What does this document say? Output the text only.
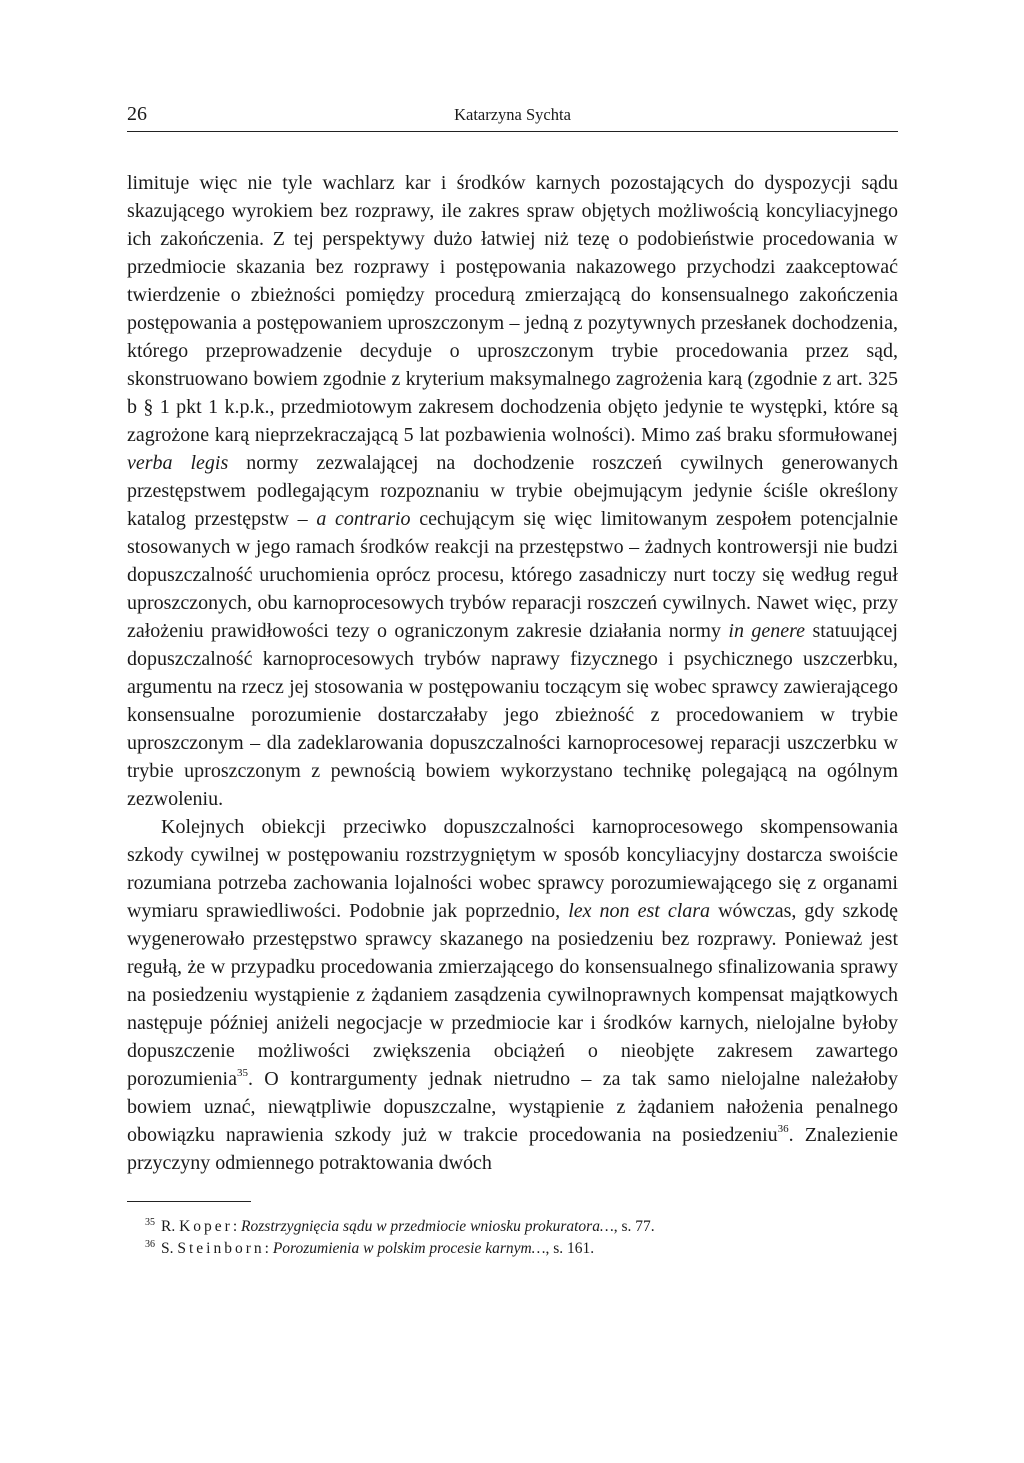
26	Katarzyna Sychta

limituje więc nie tyle wachlarz kar i środków karnych pozostających do dyspozycji sądu skazującego wyrokiem bez rozprawy, ile zakres spraw objętych możliwością koncyliacyjnego ich zakończenia. Z tej perspektywy dużo łatwiej niż tezę o podobieństwie procedowania w przedmiocie skazania bez rozprawy i postępowania nakazowego przychodzi zaakceptować twierdzenie o zbieżności pomiędzy procedurą zmierzającą do konsensualnego zakończenia postępowania a postępowaniem uproszczonym – jedną z pozytywnych przesłanek dochodzenia, którego przeprowadzenie decyduje o uproszczonym trybie procedowania przez sąd, skonstruowano bowiem zgodnie z kryterium maksymalnego zagrożenia karą (zgodnie z art. 325 b § 1 pkt 1 k.p.k., przedmiotowym zakresem dochodzenia objęto jedynie te występki, które są zagrożone karą nieprzekraczającą 5 lat pozbawienia wolności). Mimo zaś braku sformułowanej verba legis normy zezwalającej na dochodzenie roszczeń cywilnych generowanych przestępstwem podlegającym rozpoznaniu w trybie obejmującym jedynie ściśle określony katalog przestępstw – a contrario cechującym się więc limitowanym zespołem potencjalnie stosowanych w jego ramach środków reakcji na przestępstwo – żadnych kontrowersji nie budzi dopuszczalność uruchomienia oprócz procesu, którego zasadniczy nurt toczy się według reguł uproszczonych, obu karnoprocesowych trybów reparacji roszczeń cywilnych. Nawet więc, przy założeniu prawidłowości tezy o ograniczonym zakresie działania normy in genere statuującej dopuszczalność karnoprocesowych trybów naprawy fizycznego i psychicznego uszczerbku, argumentu na rzecz jej stosowania w postępowaniu toczącym się wobec sprawcy zawierającego konsensualne porozumienie dostarczałaby jego zbieżność z procedowaniem w trybie uproszczonym – dla zadeklarowania dopuszczalności karnoprocesowej reparacji uszczerbku w trybie uproszczonym z pewnością bowiem wykorzystano technikę polegającą na ogólnym zezwoleniu.

Kolejnych obiekcji przeciwko dopuszczalności karnoprocesowego skompensowania szkody cywilnej w postępowaniu rozstrzygniętym w sposób koncyliacyjny dostarcza swoiście rozumiana potrzeba zachowania lojalności wobec sprawcy porozumiewającego się z organami wymiaru sprawiedliwości. Podobnie jak poprzednio, lex non est clara wówczas, gdy szkodę wygenerowało przestępstwo sprawcy skazanego na posiedzeniu bez rozprawy. Ponieważ jest regułą, że w przypadku procedowania zmierzającego do konsensualnego sfinalizowania sprawy na posiedzeniu wystąpienie z żądaniem zasądzenia cywilnoprawnych kompensat majątkowych następuje później aniżeli negocjacje w przedmiocie kar i środków karnych, nielojalne byłoby dopuszczenie możliwości zwiększenia obciążeń o nieobjęte zakresem zawartego porozumienia$^{35}$. O kontrargumenty jednak nietrudno – za tak samo nielojalne należałoby bowiem uznać, niewątpliwie dopuszczalne, wystąpienie z żądaniem nałożenia penalnego obowiązku naprawienia szkody już w trakcie procedowania na posiedzeniu$^{36}$. Znalezienie przyczyny odmiennego potraktowania dwóch

$^{35}$ R. Koper: Rozstrzygnięcia sądu w przedmiocie wniosku prokuratora…, s. 77.

$^{36}$ S. Steinborn: Porozumienia w polskim procesie karnym…, s. 161.
